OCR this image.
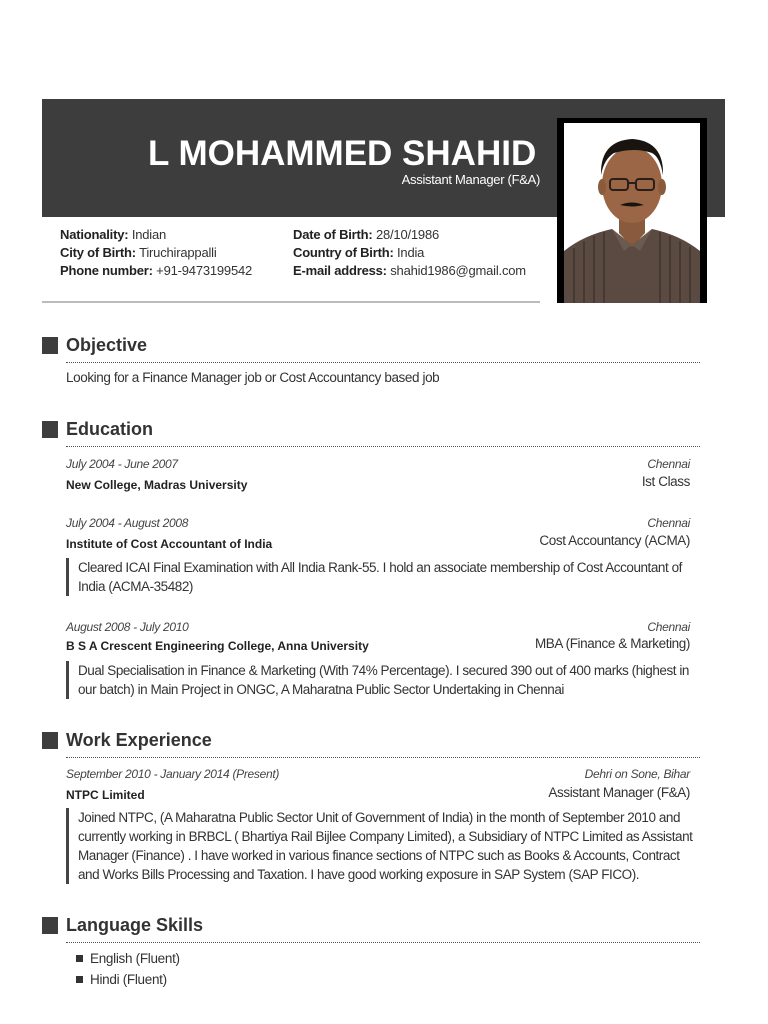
L MOHAMMED SHAHID
Assistant Manager (F&A)
Nationality: Indian
City of Birth: Tiruchirappalli
Phone number: +91-9473199542
Date of Birth: 28/10/1986
Country of Birth: India
E-mail address: shahid1986@gmail.com
Objective
Looking for a Finance Manager job or Cost Accountancy based job
Education
July 2004 - June 2007
New College, Madras University
Chennai
Ist Class
July 2004 - August 2008
Institute of Cost Accountant of India
Chennai
Cost Accountancy (ACMA)
Cleared ICAI Final Examination with All India Rank-55. I hold an associate membership of Cost Accountant of India (ACMA-35482)
August 2008 - July 2010
B S A Crescent Engineering College, Anna University
Chennai
MBA (Finance & Marketing)
Dual Specialisation in Finance & Marketing (With 74% Percentage). I secured 390 out of 400 marks (highest in our batch) in Main Project in ONGC, A Maharatna Public Sector Undertaking in Chennai
Work Experience
September 2010 - January 2014 (Present)
NTPC Limited
Dehri on Sone, Bihar
Assistant Manager (F&A)
Joined NTPC, (A Maharatna Public Sector Unit of Government of India) in the month of September 2010 and currently working in BRBCL ( Bhartiya Rail Bijlee Company Limited), a Subsidiary of NTPC Limited as Assistant Manager (Finance) . I have worked in various finance sections of NTPC such as Books & Accounts, Contract and Works Bills Processing and Taxation. I have good working exposure in SAP System (SAP FICO).
Language Skills
English (Fluent)
Hindi (Fluent)
